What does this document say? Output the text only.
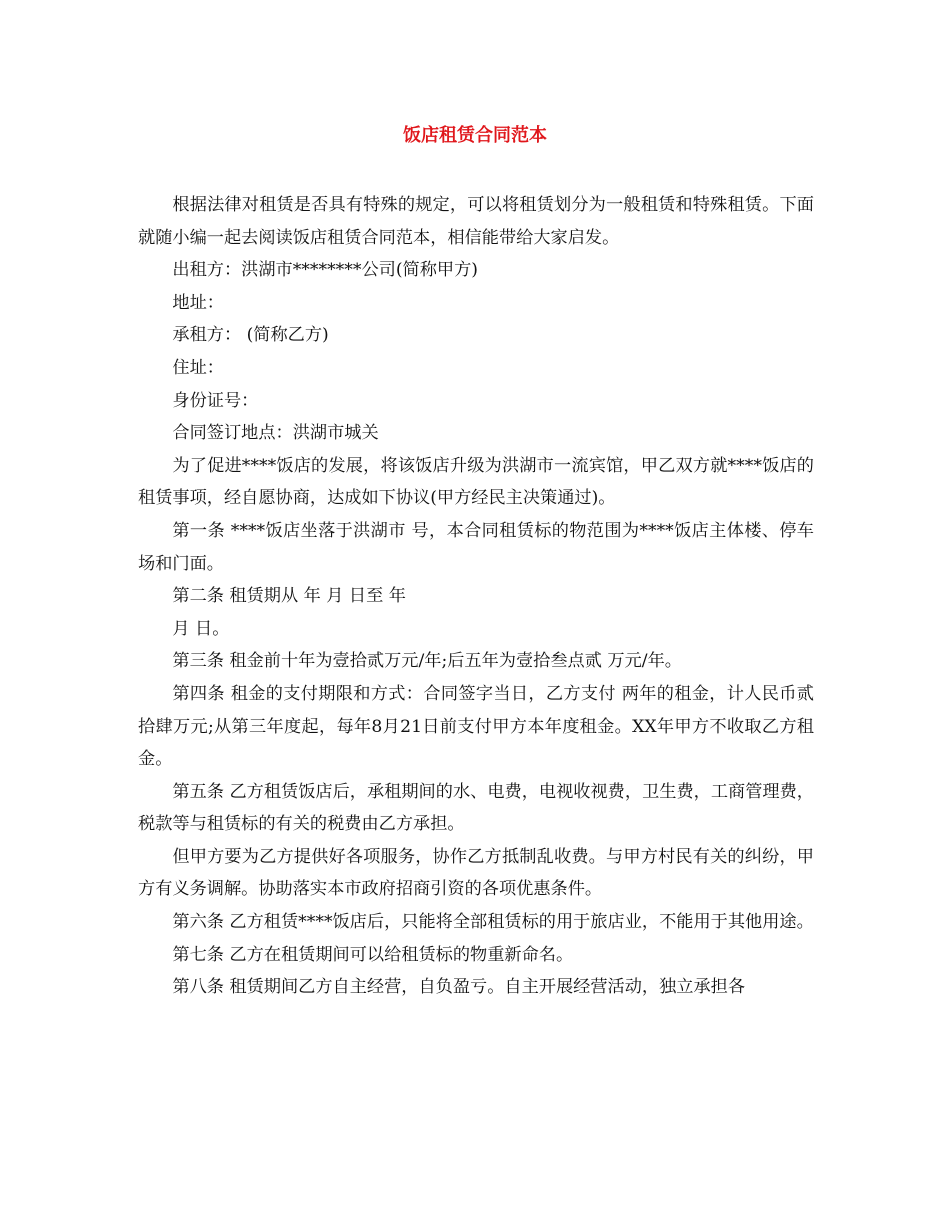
饭店租赁合同范本

根据法律对租赁是否具有特殊的规定，可以将租赁划分为一般租赁和特殊租赁。下面就随小编一起去阅读饭店租赁合同范本，相信能带给大家启发。

出租方：洪湖市********公司(简称甲方)

地址：

承租方： (简称乙方)

住址：

身份证号：

合同签订地点：洪湖市城关

为了促进****饭店的发展，将该饭店升级为洪湖市一流宾馆，甲乙双方就****饭店的租赁事项，经自愿协商，达成如下协议(甲方经民主决策通过)。

第一条 ****饭店坐落于洪湖市 号，本合同租赁标的物范围为****饭店主体楼、停车场和门面。

第二条 租赁期从 年 月 日至 年

月 日。

第三条 租金前十年为壹拾贰万元/年;后五年为壹拾叁点贰 万元/年。

第四条 租金的支付期限和方式：合同签字当日，乙方支付 两年的租金，计人民币贰拾肆万元;从第三年度起，每年8月21日前支付甲方本年度租金。XX年甲方不收取乙方租金。

第五条 乙方租赁饭店后，承租期间的水、电费，电视收视费，卫生费，工商管理费，税款等与租赁标的有关的税费由乙方承担。

但甲方要为乙方提供好各项服务，协作乙方抵制乱收费。与甲方村民有关的纠纷，甲方有义务调解。协助落实本市政府招商引资的各项优惠条件。

第六条 乙方租赁****饭店后，只能将全部租赁标的用于旅店业，不能用于其他用途。

第七条 乙方在租赁期间可以给租赁标的物重新命名。

第八条 租赁期间乙方自主经营，自负盈亏。自主开展经营活动，独立承担各
